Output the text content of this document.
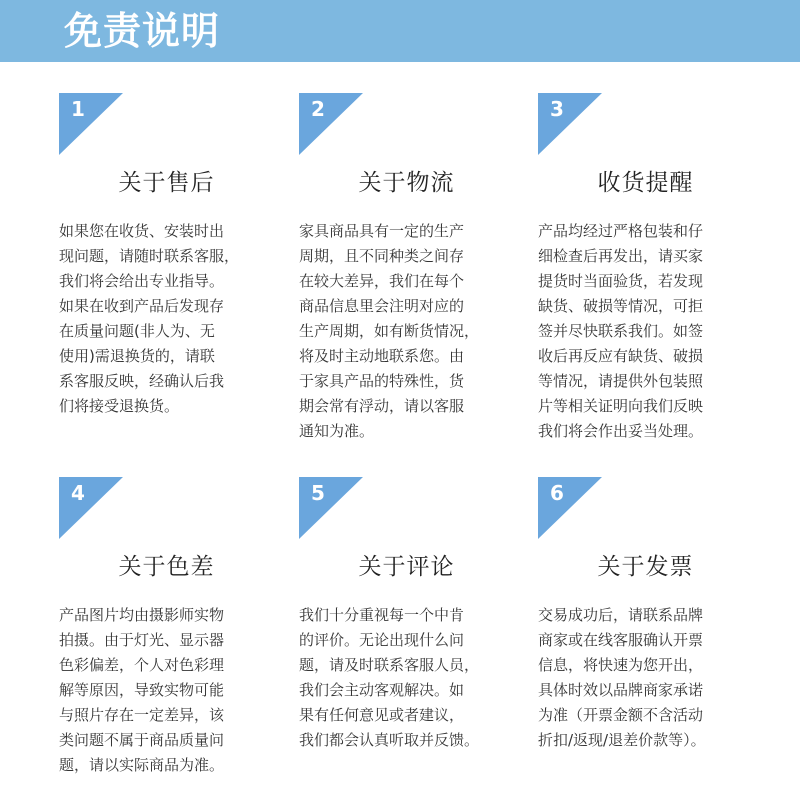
免责说明
1
关于售后
如果您在收货、安装时出
现问题，请随时联系客服，
我们将会给出专业指导。
如果在收到产品后发现存
在质量问题(非人为、无
使用)需退换货的，请联
系客服反映，经确认后我
们将接受退换货。
2
关于物流
家具商品具有一定的生产
周期，且不同种类之间存
在较大差异，我们在每个
商品信息里会注明对应的
生产周期，如有断货情况，
将及时主动地联系您。由
于家具产品的特殊性，货
期会常有浮动，请以客服
通知为准。
3
收货提醒
产品均经过严格包装和仔
细检查后再发出，请买家
提货时当面验货，若发现
缺货、破损等情况，可拒
签并尽快联系我们。如签
收后再反应有缺货、破损
等情况，请提供外包装照
片等相关证明向我们反映
我们将会作出妥当处理。
4
关于色差
产品图片均由摄影师实物
拍摄。由于灯光、显示器
色彩偏差，个人对色彩理
解等原因，导致实物可能
与照片存在一定差异，该
类问题不属于商品质量问
题，请以实际商品为准。
5
关于评论
我们十分重视每一个中肯
的评价。无论出现什么问
题，请及时联系客服人员，
我们会主动客观解决。如
果有任何意见或者建议，
我们都会认真听取并反馈。
6
关于发票
交易成功后，请联系品牌
商家或在线客服确认开票
信息，将快速为您开出，
具体时效以品牌商家承诺
为准（开票金额不含活动
折扣/返现/退差价款等）。
